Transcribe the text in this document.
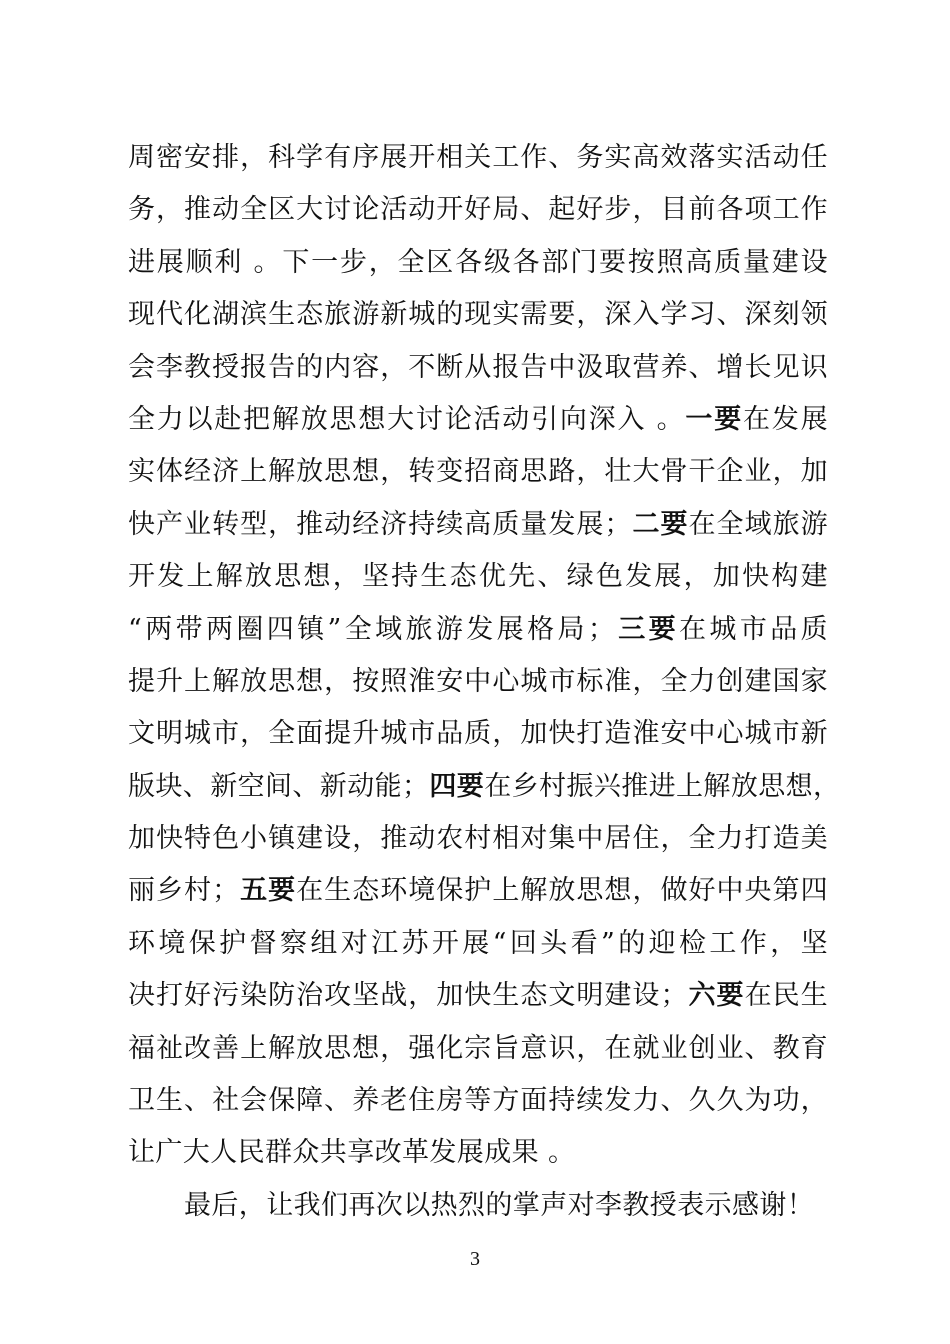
周密安排，科学有序展开相关工作、务实高效落实活动任
务，推动全区大讨论活动开好局、起好步，目前各项工作
进展顺利 。下一步，全区各级各部门要按照高质量建设
现代化湖滨生态旅游新城的现实需要，深入学习、深刻领
会李教授报告的内容，不断从报告中汲取营养、增长见识
全力以赴把解放思想大讨论活动引向深入 。一要在发展
实体经济上解放思想，转变招商思路，壮大骨干企业，加
快产业转型，推动经济持续高质量发展；二要在全域旅游
开发上解放思想，坚持生态优先、绿色发展，加快构建
“两带两圈四镇”全域旅游发展格局；三要在城市品质
提升上解放思想，按照淮安中心城市标准，全力创建国家
文明城市，全面提升城市品质，加快打造淮安中心城市新
版块、新空间、新动能；四要在乡村振兴推进上解放思想，
加快特色小镇建设，推动农村相对集中居住，全力打造美
丽乡村；五要在生态环境保护上解放思想，做好中央第四
环境保护督察组对江苏开展“回头看”的迎检工作，坚
决打好污染防治攻坚战，加快生态文明建设；六要在民生
福祉改善上解放思想，强化宗旨意识，在就业创业、教育
卫生、社会保障、养老住房等方面持续发力、久久为功，
让广大人民群众共享改革发展成果 。
最后，让我们再次以热烈的掌声对李教授表示感谢！
3
